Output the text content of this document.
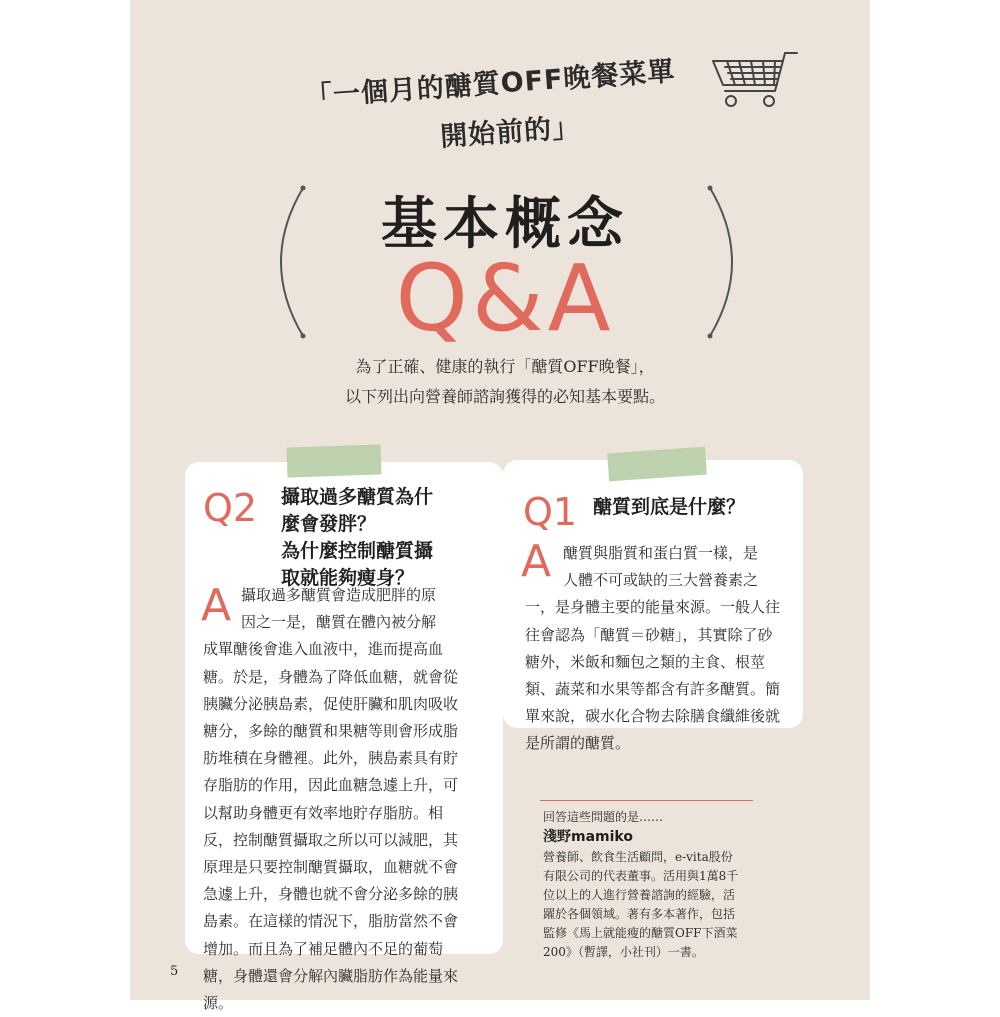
「一個月的醣質OFF晚餐菜單
開始前的」
基本概念
Q&A
為了正確、健康的執行「醣質OFF晚餐」，
以下列出向營養師諮詢獲得的必知基本要點。
Q2 攝取過多醣質為什
麼會發胖？
為什麼控制醣質攝
取就能夠瘦身？
A 攝取過多醣質會造成肥胖的原
因之一是，醣質在體內被分解
成單醣後會進入血液中，進而提高血
糖。於是，身體為了降低血糖，就會從
胰臟分泌胰島素，促使肝臟和肌肉吸收
糖分，多餘的醣質和果糖等則會形成脂
肪堆積在身體裡。此外，胰島素具有貯
存脂肪的作用，因此血糖急遽上升，可
以幫助身體更有效率地貯存脂肪。相
反，控制醣質攝取之所以可以減肥，其
原理是只要控制醣質攝取，血糖就不會
急遽上升，身體也就不會分泌多餘的胰
島素。在這樣的情況下，脂肪當然不會
增加。而且為了補足體內不足的葡萄
糖，身體還會分解內臟脂肪作為能量來
源。
Q1 醣質到底是什麼？
A 醣質與脂質和蛋白質一樣，是
人體不可或缺的三大營養素之
一，是身體主要的能量來源。一般人往
往會認為「醣質＝砂糖」，其實除了砂
糖外，米飯和麵包之類的主食、根莖
類、蔬菜和水果等都含有許多醣質。簡
單來說，碳水化合物去除膳食纖維後就
是所謂的醣質。
回答這些問題的是……
淺野mamiko
營養師、飲食生活顧問，e-vita股份
有限公司的代表董事。活用與1萬8千
位以上的人進行營養諮詢的經驗，活
躍於各個領域。著有多本著作，包括
監修《馬上就能瘦的醣質OFF下酒菜
200》（暫譯，小社刊）一書。
5
